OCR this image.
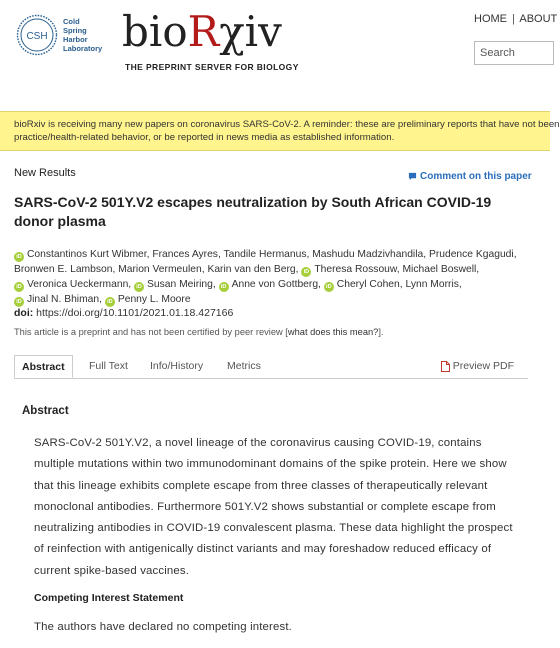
CSH
Cold
Spring
Harbor
Laboratory bioRχiv
THE PREPRINT SERVER FOR BIOLOGY
HOME | ABOUT
Search

bioRxiv is receiving many new papers on coronavirus SARS-CoV-2. A reminder: these are preliminary reports that have not been
practice/health-related behavior, or be reported in news media as established information.

New Results	Comment on this paper
SARS-CoV-2 501Y.V2 escapes neutralization by South African COVID-19 donor plasma
iD Constantinos Kurt Wibmer, Frances Ayres, Tandile Hermanus, Mashudu Madzivhandila, Prudence Kgagudi,
Bronwen E. Lambson, Marion Vermeulen, Karin van den Berg, iD Theresa Rossouw, Michael Boswell,
iD Veronica Ueckermann, iD Susan Meiring, iD Anne von Gottberg, iD Cheryl Cohen, Lynn Morris,
iD Jinal N. Bhiman, iD Penny L. Moore
doi: https://doi.org/10.1101/2021.01.18.427166
This article is a preprint and has not been certified by peer review [what does this mean?].
Abstract	Full Text Info/History Metrics	Preview PDF
Abstract

SARS-CoV-2 501Y.V2, a novel lineage of the coronavirus causing COVID-19, contains multiple mutations within two immunodominant domains of the spike protein. Here we show that this lineage exhibits complete escape from three classes of therapeutically relevant monoclonal antibodies. Furthermore 501Y.V2 shows substantial or complete escape from neutralizing antibodies in COVID-19 convalescent plasma. These data highlight the prospect of reinfection with antigenically distinct variants and may foreshadow reduced efficacy of current spike-based vaccines.

Competing Interest Statement
The authors have declared no competing interest.
